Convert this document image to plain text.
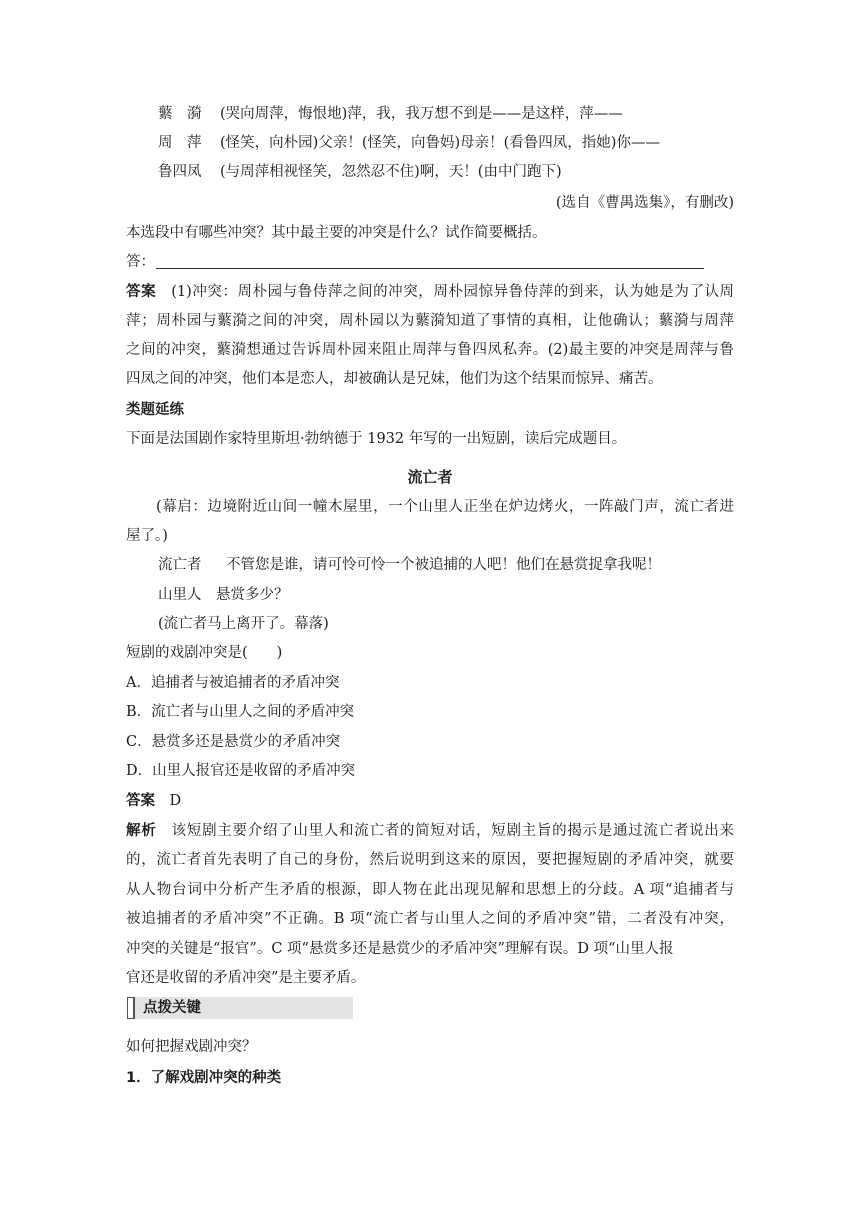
蘩　漪 (哭向周萍，悔恨地)萍，我，我万想不到是——是这样，萍——
周　萍 (怪笑，向朴园)父亲！(怪笑，向鲁妈)母亲！(看鲁四凤，指她)你——
鲁四凤 (与周萍相视怪笑，忽然忍不住)啊，天！(由中门跑下)
(选自《曹禺选集》，有删改)
本选段中有哪些冲突？其中最主要的冲突是什么？试作简要概括。
答：
答案　 (1)冲突：周朴园与鲁侍萍之间的冲突，周朴园惊异鲁侍萍的到来，认为她是为了认周
萍；周朴园与蘩漪之间的冲突，周朴园以为蘩漪知道了事情的真相，让他确认；蘩漪与周萍
之间的冲突，蘩漪想通过告诉周朴园来阻止周萍与鲁四凤私奔。(2)最主要的冲突是周萍与鲁
四凤之间的冲突，他们本是恋人，却被确认是兄妹，他们为这个结果而惊异、痛苦。
类题延练
下面是法国剧作家特里斯坦·勃纳德于 1932 年写的一出短剧，读后完成题目。
流亡者
(幕启：边境附近山间一幢木屋里，一个山里人正坐在炉边烤火，一阵敲门声，流亡者进
屋了。)
流亡者 不管您是谁，请可怜可怜一个被追捕的人吧！他们在悬赏捉拿我呢！
山里人 悬赏多少？
(流亡者马上离开了。幕落)
短剧的戏剧冲突是(　　)
A．追捕者与被追捕者的矛盾冲突
B．流亡者与山里人之间的矛盾冲突
C．悬赏多还是悬赏少的矛盾冲突
D．山里人报官还是收留的矛盾冲突
答案　 D
解析　 该短剧主要介绍了山里人和流亡者的简短对话，短剧主旨的揭示是通过流亡者说出来
的，流亡者首先表明了自己的身份，然后说明到这来的原因，要把握短剧的矛盾冲突，就要
从人物台词中分析产生矛盾的根源，即人物在此出现见解和思想上的分歧。A 项“追捕者与
被追捕者的矛盾冲突”不正确。B 项“流亡者与山里人之间的矛盾冲突”错，二者没有冲突，
冲突的关键是“报官”。C 项“悬赏多还是悬赏少的矛盾冲突”理解有误。D 项“山里人报
官还是收留的矛盾冲突”是主要矛盾。
点拨关键
如何把握戏剧冲突？
1．了解戏剧冲突的种类
